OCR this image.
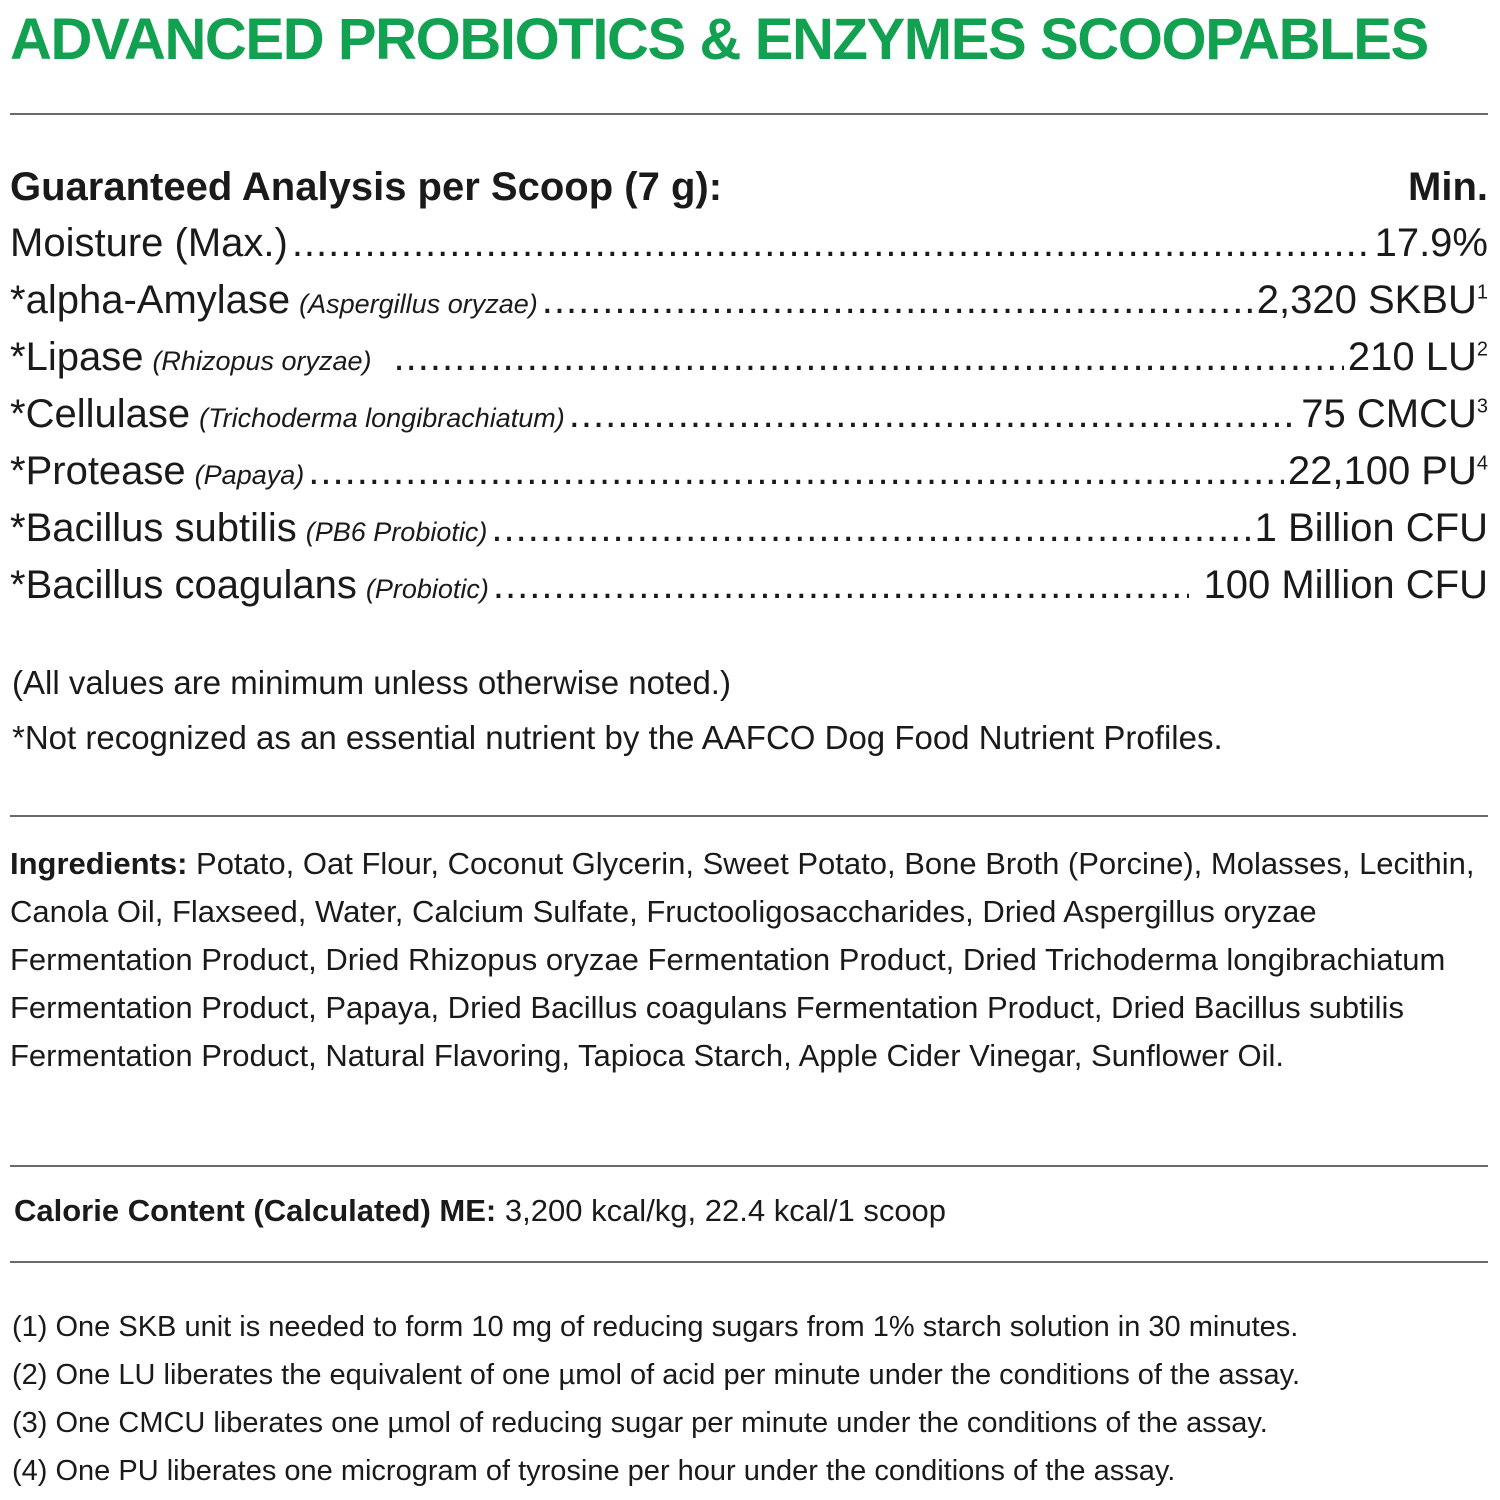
ADVANCED PROBIOTICS & ENZYMES SCOOPABLES
Guaranteed Analysis per Scoop (7 g):	Min.
Moisture (Max.) .....	17.9%
*alpha-Amylase (Aspergillus oryzae) .....	2,320 SKBU$^1$
*Lipase (Rhizopus oryzae) .....	210 $LU^2$
*Cellulase (Trichoderma longibrachiatum) .....	75 CMCU$^3$
*Protease (Papaya) .....	22,100 $PU^4$
*Bacillus subtilis (PB6 Probiotic) .....	1 Billion CFU
*Bacillus coagulans (Probiotic) .....	100 Million CFU
(All values are minimum unless otherwise noted.)
*Not recognized as an essential nutrient by the AAFCO Dog Food Nutrient Profiles.

Ingredients: Potato, Oat Flour, Coconut Glycerin, Sweet Potato, Bone Broth (Porcine), Molasses, Lecithin, Canola Oil, Flaxseed, Water, Calcium Sulfate, Fructooligosaccharides, Dried Aspergillus oryzae Fermentation Product, Dried Rhizopus oryzae Fermentation Product, Dried Trichoderma longibrachiatum Fermentation Product, Papaya, Dried Bacillus coagulans Fermentation Product, Dried Bacillus subtilis Fermentation Product, Natural Flavoring, Tapioca Starch, Apple Cider Vinegar, Sunflower Oil.

Calorie Content (Calculated) ME: 3,200 kcal/kg, 22.4 kcal/1 scoop
(1) One SKB unit is needed to form 10 mg of reducing sugars from 1% starch solution in 30 minutes.
(2) One LU liberates the equivalent of one µmol of acid per minute under the conditions of the assay.
(3) One CMCU liberates one µmol of reducing sugar per minute under the conditions of the assay.
(4) One PU liberates one microgram of tyrosine per hour under the conditions of the assay.
